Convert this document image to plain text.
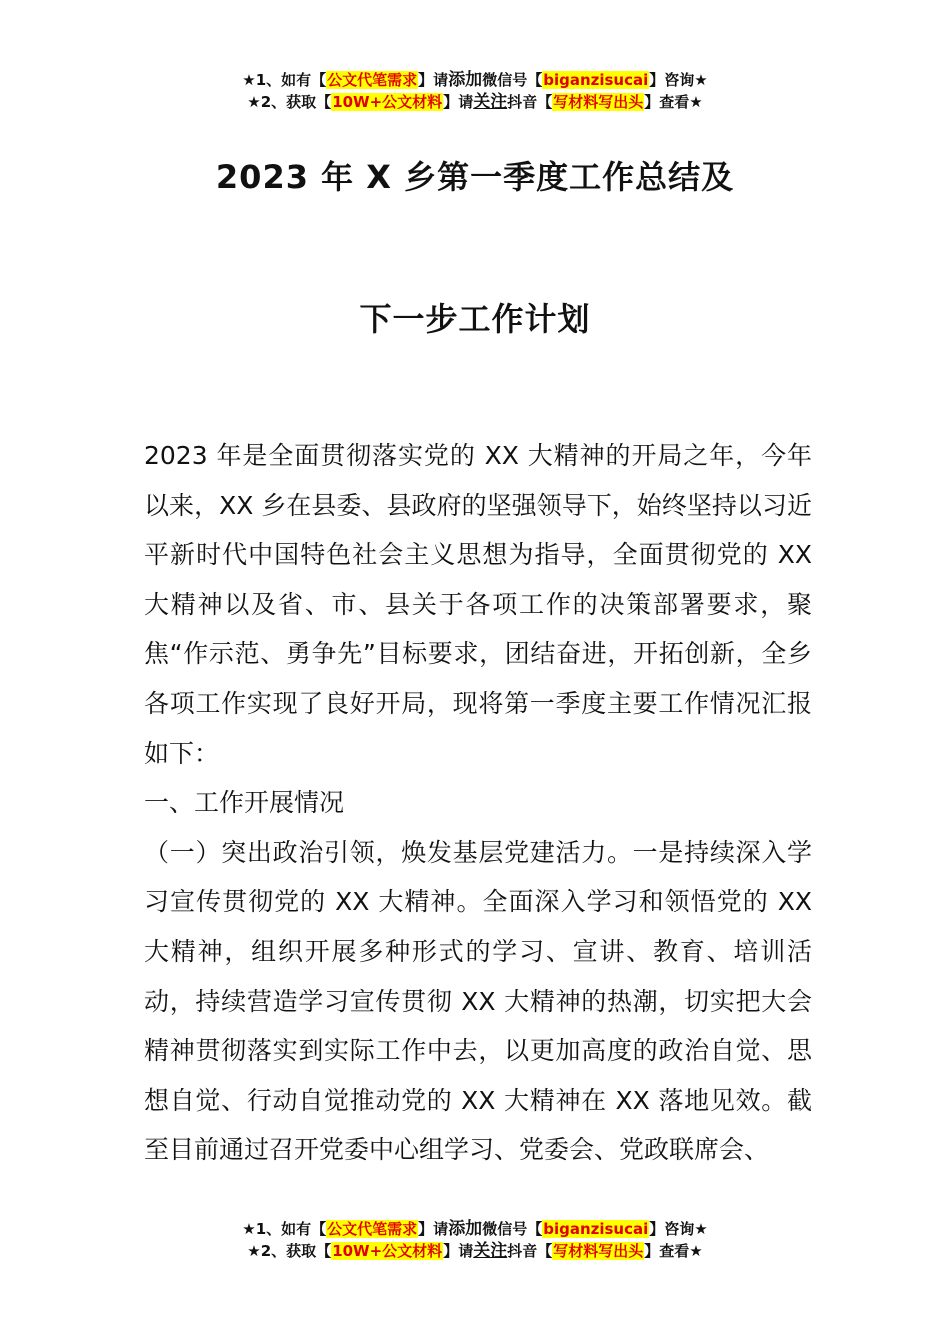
★1、如有【公文代笔需求】请添加微信号【biganzisucai】咨询★
★2、获取【10W+公文材料】请关注抖音【写材料写出头】查看★
2023 年 X 乡第一季度工作总结及
下一步工作计划

2023 年是全面贯彻落实党的 XX 大精神的开局之年，今年以来，XX 乡在县委、县政府的坚强领导下，始终坚持以习近平新时代中国特色社会主义思想为指导，全面贯彻党的 XX 大精神以及省、市、县关于各项工作的决策部署要求，聚焦“作示范、勇争先”目标要求，团结奋进，开拓创新，全乡各项工作实现了良好开局，现将第一季度主要工作情况汇报如下：

一、工作开展情况

（一）突出政治引领，焕发基层党建活力。一是持续深入学习宣传贯彻党的 XX 大精神。全面深入学习和领悟党的 XX 大精神，组织开展多种形式的学习、宣讲、教育、培训活动，持续营造学习宣传贯彻 XX 大精神的热潮，切实把大会精神贯彻落实到实际工作中去，以更加高度的政治自觉、思想自觉、行动自觉推动党的 XX 大精神在 XX 落地见效。截至目前通过召开党委中心组学习、党委会、党政联席会、

★1、如有【公文代笔需求】请添加微信号【biganzisucai】咨询★
★2、获取【10W+公文材料】请关注抖音【写材料写出头】查看★
